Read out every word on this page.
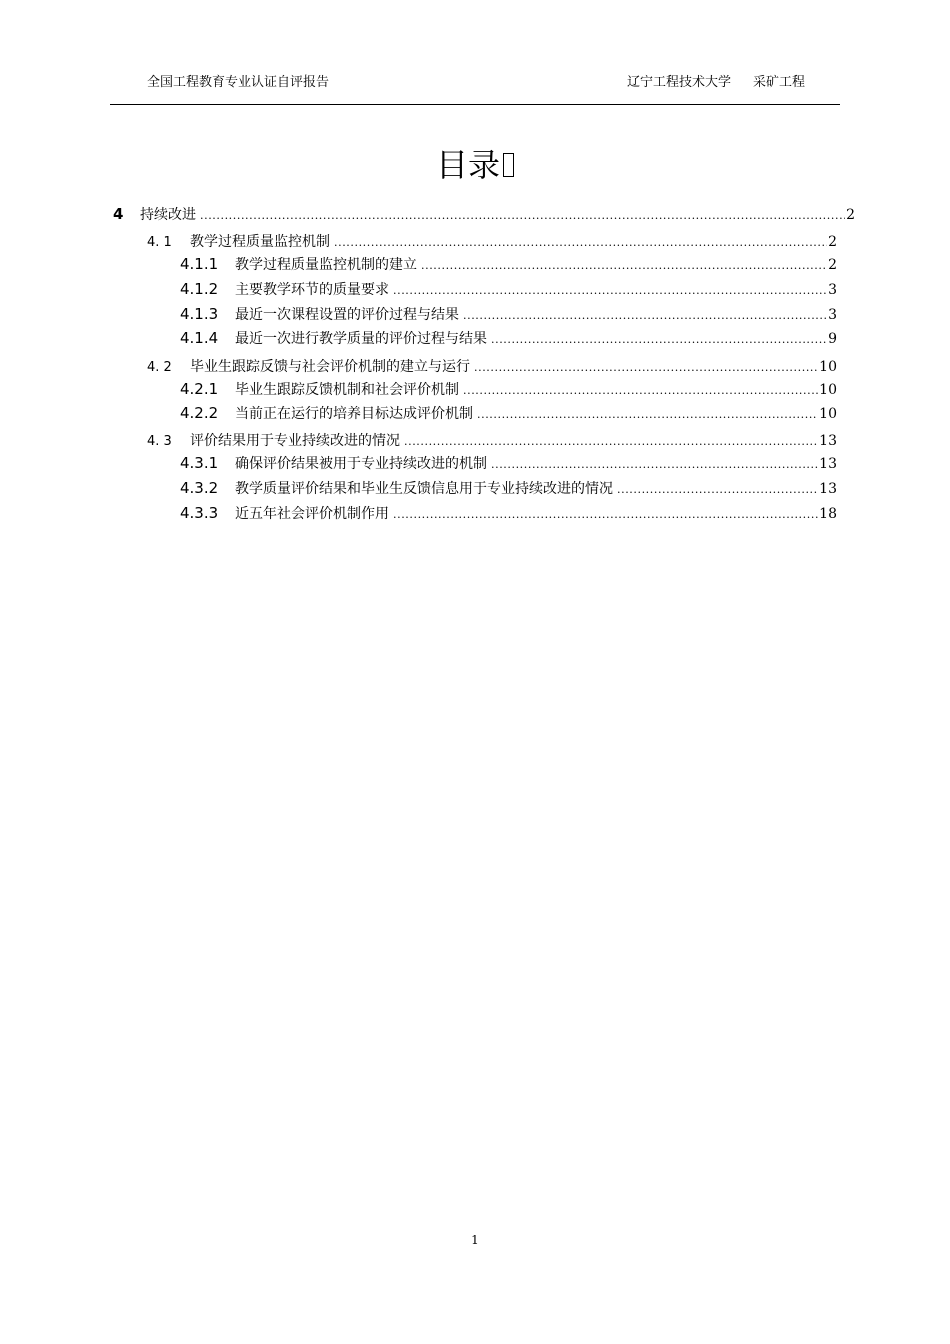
全国工程教育专业认证自评报告	辽宁工程技术大学 采矿工程
目录
4	持续改进 .....	2
4. 1	教学过程质量监控机制 .....	2
4.1.1	教学过程质量监控机制的建立 .....	2
4.1.2	主要教学环节的质量要求 .....	3
4.1.3	最近一次课程设置的评价过程与结果 .....	3
4.1.4	最近一次进行教学质量的评价过程与结果 .....	9
4. 2	毕业生跟踪反馈与社会评价机制的建立与运行 .....	10
4.2.1	毕业生跟踪反馈机制和社会评价机制 .....	10
4.2.2	当前正在运行的培养目标达成评价机制 .....	10
4. 3	评价结果用于专业持续改进的情况 .....	13
4.3.1	确保评价结果被用于专业持续改进的机制 .....	13
4.3.2	教学质量评价结果和毕业生反馈信息用于专业持续改进的情况 .....	13
4.3.3	近五年社会评价机制作用 .....	18
1
